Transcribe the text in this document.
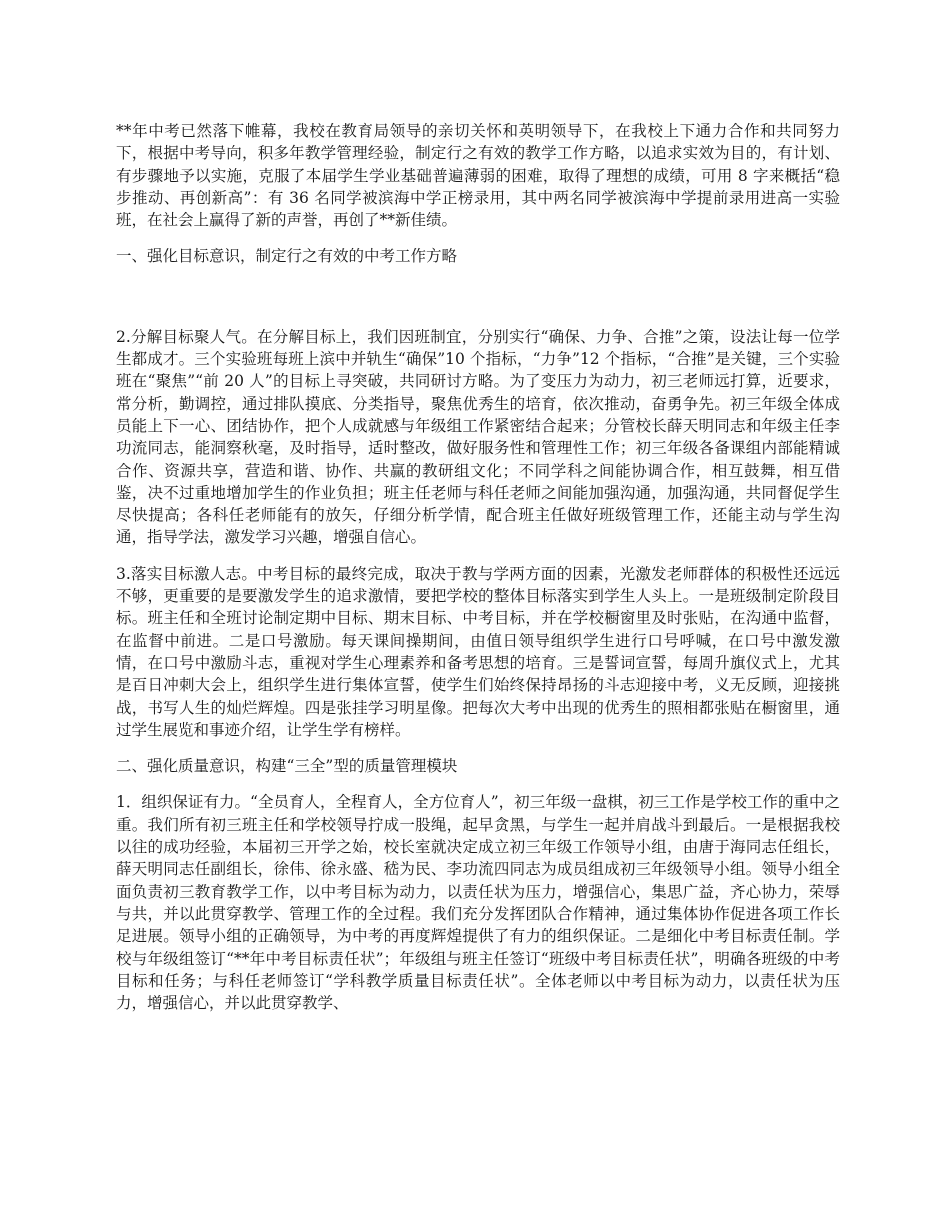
**年中考已然落下帷幕，我校在教育局领导的亲切关怀和英明领导下，在我校上下通力合作和共同努力下，根据中考导向，积多年教学管理经验，制定行之有效的教学工作方略，以追求实效为目的，有计划、有步骤地予以实施，克服了本届学生学业基础普遍薄弱的困难，取得了理想的成绩，可用 8 字来概括“稳步推动、再创新高”：有 36 名同学被滨海中学正榜录用，其中两名同学被滨海中学提前录用进高一实验班，在社会上赢得了新的声誉，再创了**新佳绩。

一、强化目标意识，制定行之有效的中考工作方略

2.分解目标聚人气。在分解目标上，我们因班制宜，分别实行“确保、力争、合推”之策，设法让每一位学生都成才。三个实验班每班上滨中并轨生“确保”10 个指标，“力争”12 个指标，“合推”是关键，三个实验班在“聚焦”“前 20 人”的目标上寻突破，共同研讨方略。为了变压力为动力，初三老师远打算，近要求，常分析，勤调控，通过排队摸底、分类指导，聚焦优秀生的培育，依次推动，奋勇争先。初三年级全体成员能上下一心、团结协作，把个人成就感与年级组工作紧密结合起来；分管校长薛天明同志和年级主任李功流同志，能洞察秋毫，及时指导，适时整改，做好服务性和管理性工作；初三年级各备课组内部能精诚合作、资源共享，营造和谐、协作、共赢的教研组文化；不同学科之间能协调合作，相互鼓舞，相互借鉴，决不过重地增加学生的作业负担；班主任老师与科任老师之间能加强沟通，加强沟通，共同督促学生尽快提高；各科任老师能有的放矢，仔细分析学情，配合班主任做好班级管理工作，还能主动与学生沟通，指导学法，激发学习兴趣，增强自信心。

3.落实目标激人志。中考目标的最终完成，取决于教与学两方面的因素，光激发老师群体的积极性还远远不够，更重要的是要激发学生的追求激情，要把学校的整体目标落实到学生人头上。一是班级制定阶段目标。班主任和全班讨论制定期中目标、期末目标、中考目标，并在学校橱窗里及时张贴，在沟通中监督，在监督中前进。二是口号激励。每天课间操期间，由值日领导组织学生进行口号呼喊，在口号中激发激情，在口号中激励斗志，重视对学生心理素养和备考思想的培育。三是誓词宣誓，每周升旗仪式上，尤其是百日冲刺大会上，组织学生进行集体宣誓，使学生们始终保持昂扬的斗志迎接中考，义无反顾，迎接挑战，书写人生的灿烂辉煌。四是张挂学习明星像。把每次大考中出现的优秀生的照相都张贴在橱窗里，通过学生展览和事迹介绍，让学生学有榜样。

二、强化质量意识，构建“三全”型的质量管理模块

1．组织保证有力。“全员育人，全程育人，全方位育人”，初三年级一盘棋，初三工作是学校工作的重中之重。我们所有初三班主任和学校领导拧成一股绳，起早贪黑，与学生一起并肩战斗到最后。一是根据我校以往的成功经验，本届初三开学之始，校长室就决定成立初三年级工作领导小组，由唐于海同志任组长，薛天明同志任副组长，徐伟、徐永盛、嵇为民、李功流四同志为成员组成初三年级领导小组。领导小组全面负责初三教育教学工作，以中考目标为动力，以责任状为压力，增强信心，集思广益，齐心协力，荣辱与共，并以此贯穿教学、管理工作的全过程。我们充分发挥团队合作精神，通过集体协作促进各项工作长足进展。领导小组的正确领导，为中考的再度辉煌提供了有力的组织保证。二是细化中考目标责任制。学校与年级组签订“**年中考目标责任状”；年级组与班主任签订“班级中考目标责任状”，明确各班级的中考目标和任务；与科任老师签订“学科教学质量目标责任状”。全体老师以中考目标为动力，以责任状为压力，增强信心，并以此贯穿教学、
